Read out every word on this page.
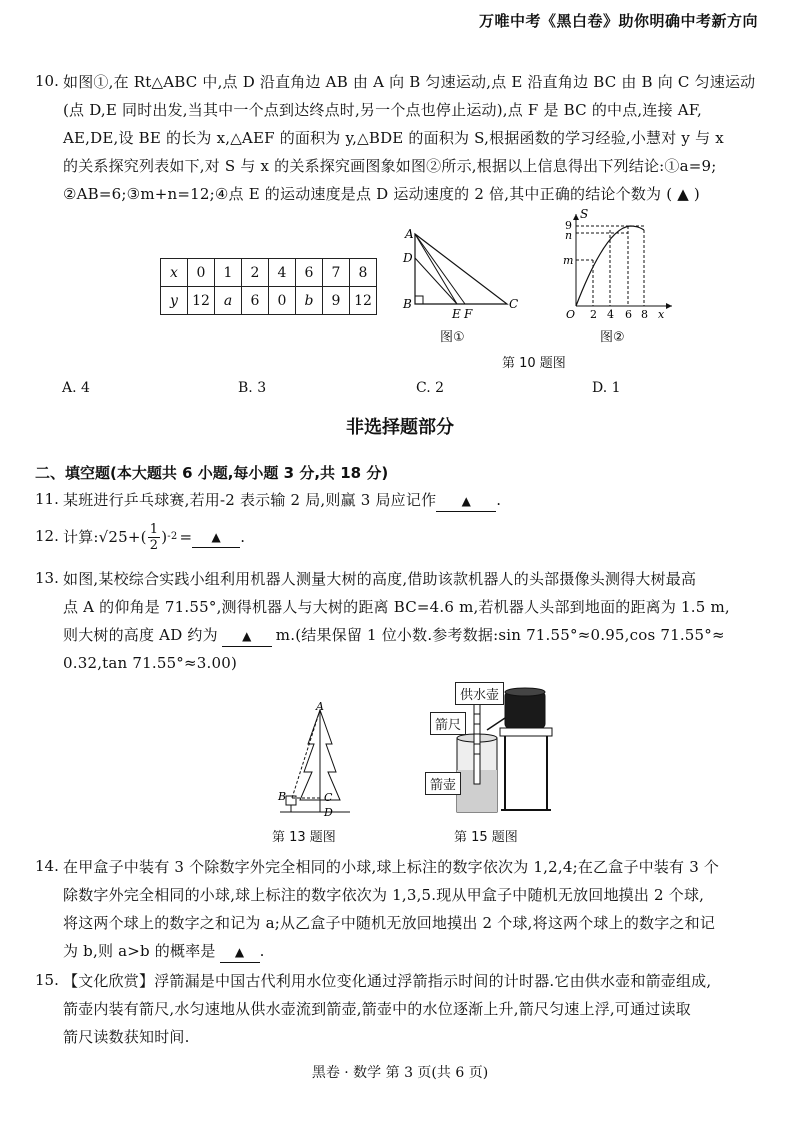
万唯中考《黑白卷》助你明确中考新方向
10. 如图①,在 Rt△ABC 中,点 D 沿直角边 AB 由 A 向 B 匀速运动,点 E 沿直角边 BC 由 B 向 C 匀速运动
(点 D,E 同时出发,当其中一个点到达终点时,另一个点也停止运动),点 F 是 BC 的中点,连接 AF,
AE,DE,设 BE 的长为 x,△AEF 的面积为 y,△BDE 的面积为 S,根据函数的学习经验,小慧对 y 与 x
的关系探究列表如下,对 S 与 x 的关系探究画图象如图②所示,根据以上信息得出下列结论:①a=9;
②AB=6;③m+n=12;④点 E 的运动速度是点 D 运动速度的 2 倍,其中正确的结论个数为 ( ▲ )
x	0	1	2	4	6	7	8
y	12	a	6	0	b	9	12
A
D
B
E F
C
图①
S
9
n
m
O 2 4 6 8 x
图②
第 10 题图
A. 4	B. 3	C. 2	D. 1
非选择题部分
二、填空题(本大题共 6 小题,每小题 3 分,共 18 分)
11. 某班进行乒乓球赛,若用-2 表示输 2 局,则赢 3 局应记作 ▲ .
12. 计算: √25 +( $\frac{1}{2}$ ) -2 =	▲	.
13. 如图,某校综合实践小组利用机器人测量大树的高度,借助该款机器人的头部摄像头测得大树最高
点 A 的仰角是 71.55°,测得机器人与大树的距离 BC=4.6 m,若机器人头部到地面的距离为 1.5 m,
则大树的高度 AD 约为 ▲ m.(结果保留 1 位小数.参考数据:sin 71.55°≈0.95,cos 71.55°≈
0.32,tan 71.55°≈3.00)
A
B	C
D
第 13 题图
供水壶
箭尺
箭壶
第 15 题图
14. 在甲盒子中装有 3 个除数字外完全相同的小球,球上标注的数字依次为 1,2,4;在乙盒子中装有 3 个
除数字外完全相同的小球,球上标注的数字依次为 1,3,5.现从甲盒子中随机无放回地摸出 2 个球,
将这两个球上的数字之和记为 a;从乙盒子中随机无放回地摸出 2 个球,将这两个球上的数字之和记
为 b,则 a>b 的概率是 ▲ .
15. 【文化欣赏】浮箭漏是中国古代利用水位变化通过浮箭指示时间的计时器.它由供水壶和箭壶组成,
箭壶内装有箭尺,水匀速地从供水壶流到箭壶,箭壶中的水位逐渐上升,箭尺匀速上浮,可通过读取
箭尺读数获知时间.
黑卷 · 数学 第 3 页(共 6 页)
